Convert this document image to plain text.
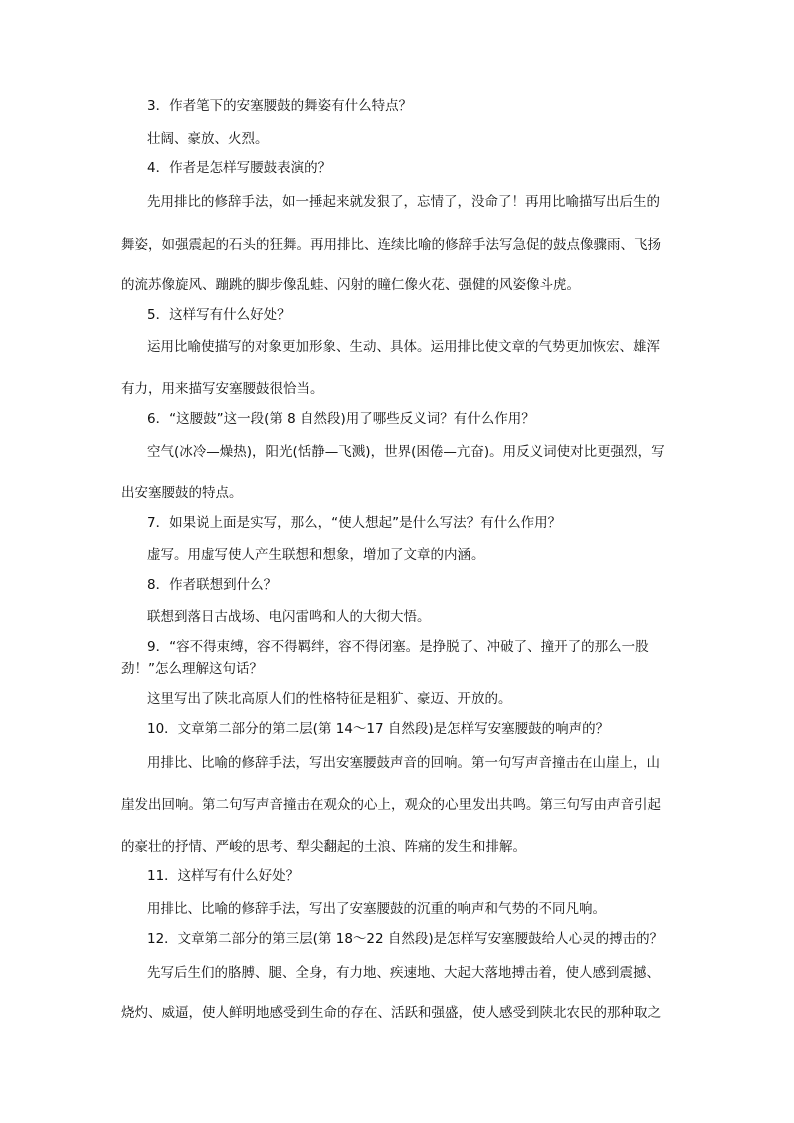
3．作者笔下的安塞腰鼓的舞姿有什么特点？
壮阔、豪放、火烈。
4．作者是怎样写腰鼓表演的？
先用排比的修辞手法，如一捶起来就发狠了，忘情了，没命了！再用比喻描写出后生的
舞姿，如强震起的石头的狂舞。再用排比、连续比喻的修辞手法写急促的鼓点像骤雨、飞扬
的流苏像旋风、蹦跳的脚步像乱蛙、闪射的瞳仁像火花、强健的风姿像斗虎。
5．这样写有什么好处？
运用比喻使描写的对象更加形象、生动、具体。运用排比使文章的气势更加恢宏、雄浑
有力，用来描写安塞腰鼓很恰当。
6．“这腰鼓”这一段(第 8 自然段)用了哪些反义词？有什么作用？
空气(冰冷—燥热)，阳光(恬静—飞溅)，世界(困倦—亢奋)。用反义词使对比更强烈，写
出安塞腰鼓的特点。
7．如果说上面是实写，那么，“使人想起”是什么写法？有什么作用？
虚写。用虚写使人产生联想和想象，增加了文章的内涵。
8．作者联想到什么？
联想到落日古战场、电闪雷鸣和人的大彻大悟。
9．“容不得束缚，容不得羁绊，容不得闭塞。是挣脱了、冲破了、撞开了的那么一股
劲！”怎么理解这句话？
这里写出了陕北高原人们的性格特征是粗犷、豪迈、开放的。
10．文章第二部分的第二层(第 14～17 自然段)是怎样写安塞腰鼓的响声的？
用排比、比喻的修辞手法，写出安塞腰鼓声音的回响。第一句写声音撞击在山崖上，山
崖发出回响。第二句写声音撞击在观众的心上，观众的心里发出共鸣。第三句写由声音引起
的豪壮的抒情、严峻的思考、犁尖翻起的土浪、阵痛的发生和排解。
11．这样写有什么好处？
用排比、比喻的修辞手法，写出了安塞腰鼓的沉重的响声和气势的不同凡响。
12．文章第二部分的第三层(第 18～22 自然段)是怎样写安塞腰鼓给人心灵的搏击的？
先写后生们的胳膊、腿、全身，有力地、疾速地、大起大落地搏击着，使人感到震撼、
烧灼、威逼，使人鲜明地感受到生命的存在、活跃和强盛，使人感受到陕北农民的那种取之
